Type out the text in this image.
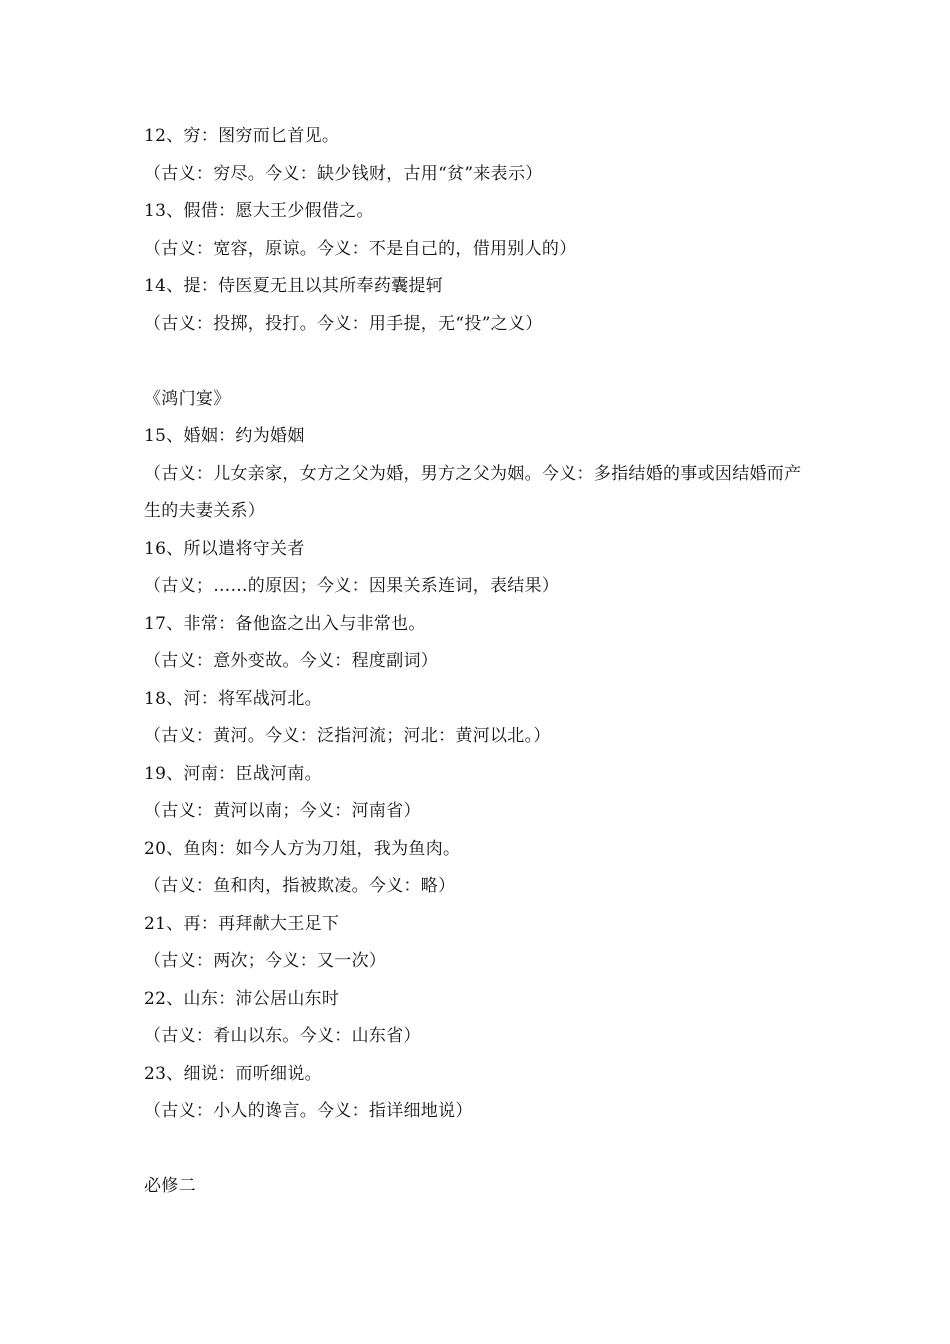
12、穷：图穷而匕首见。
（古义：穷尽。今义：缺少钱财，古用“贫”来表示）
13、假借：愿大王少假借之。
（古义：宽容，原谅。今义：不是自己的，借用别人的）
14、提：侍医夏无且以其所奉药囊提轲
（古义：投掷，投打。今义：用手提，无“投”之义）
《鸿门宴》
15、婚姻：约为婚姻
（古义：儿女亲家，女方之父为婚，男方之父为姻。今义：多指结婚的事或因结婚而产生的夫妻关系）
16、所以遣将守关者
（古义；……的原因；今义：因果关系连词，表结果）
17、非常：备他盗之出入与非常也。
（古义：意外变故。今义：程度副词）
18、河：将军战河北。
（古义：黄河。今义：泛指河流；河北：黄河以北。）
19、河南：臣战河南。
（古义：黄河以南；今义：河南省）
20、鱼肉：如今人方为刀俎，我为鱼肉。
（古义：鱼和肉，指被欺凌。今义：略）
21、再：再拜献大王足下
（古义：两次；今义：又一次）
22、山东：沛公居山东时
（古义：肴山以东。今义：山东省）
23、细说：而听细说。
（古义：小人的谗言。今义：指详细地说）
必修二
